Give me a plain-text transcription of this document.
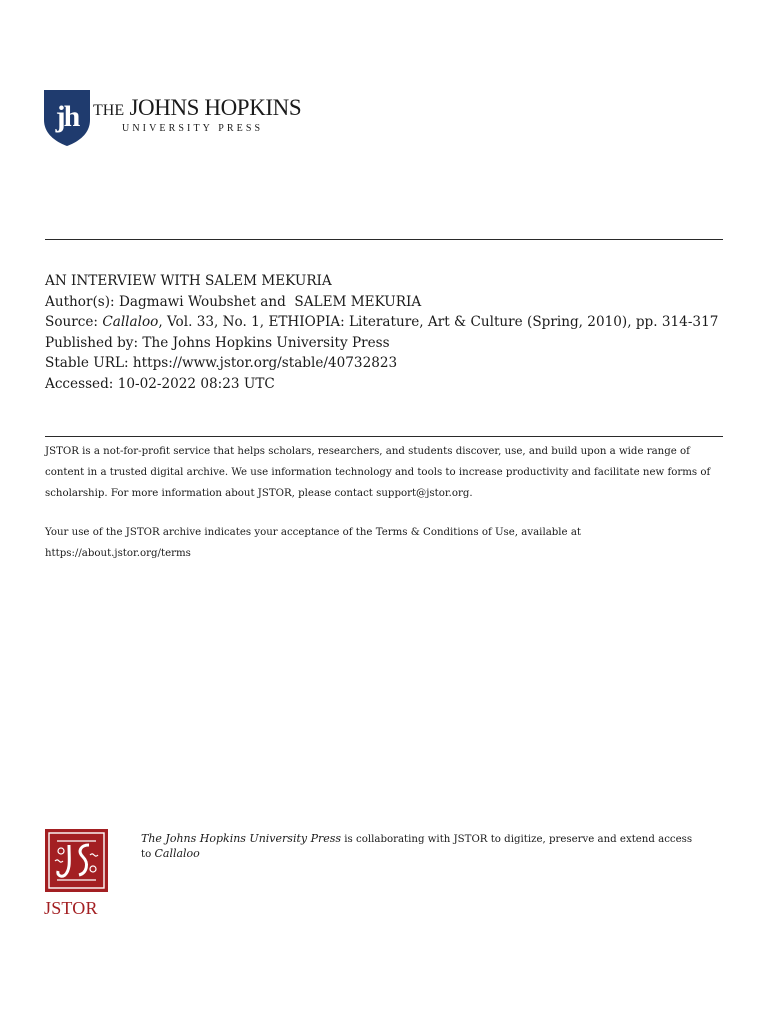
jh THE JOHNS HOPKINS
UNIVERSITY PRESS
AN INTERVIEW WITH SALEM MEKURIA
Author(s): Dagmawi Woubshet and  SALEM MEKURIA
Source: Callaloo, Vol. 33, No. 1, ETHIOPIA: Literature, Art & Culture (Spring, 2010), pp. 314-317
Published by: The Johns Hopkins University Press
Stable URL: https://www.jstor.org/stable/40732823
Accessed: 10-02-2022 08:23 UTC
JSTOR is a not-for-profit service that helps scholars, researchers, and students discover, use, and build upon a wide range of content in a trusted digital archive. We use information technology and tools to increase productivity and facilitate new forms of scholarship. For more information about JSTOR, please contact support@jstor.org.
Your use of the JSTOR archive indicates your acceptance of the Terms & Conditions of Use, available at https://about.jstor.org/terms
JSTOR
The Johns Hopkins University Press is collaborating with JSTOR to digitize, preserve and extend access to Callaloo
